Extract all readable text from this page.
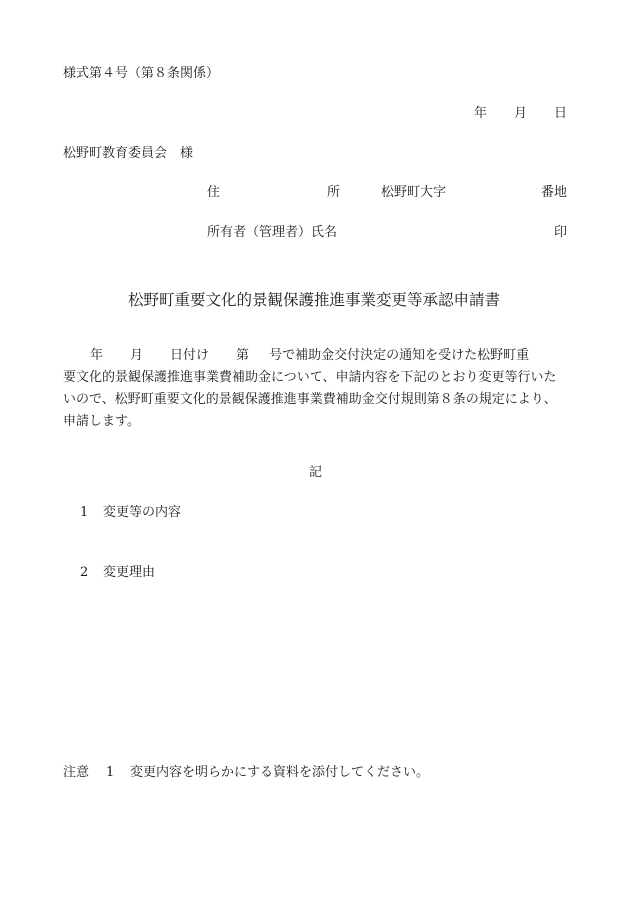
様式第４号（第８条関係）
年 月 日
松野町教育委員会　様
住	所	松野町大字	番地
所有者（管理者）氏名	印
松野町重要文化的景観保護推進事業変更等承認申請書
年 月 日付け 第 号で補助金交付決定の通知を受けた松野町重
要文化的景観保護推進事業費補助金について、申請内容を下記のとおり変更等行いた
いので、松野町重要文化的景観保護推進事業費補助金交付規則第８条の規定により、
申請します。
記
1 変更等の内容
2 変更理由
注意 1 変更内容を明らかにする資料を添付してください。
